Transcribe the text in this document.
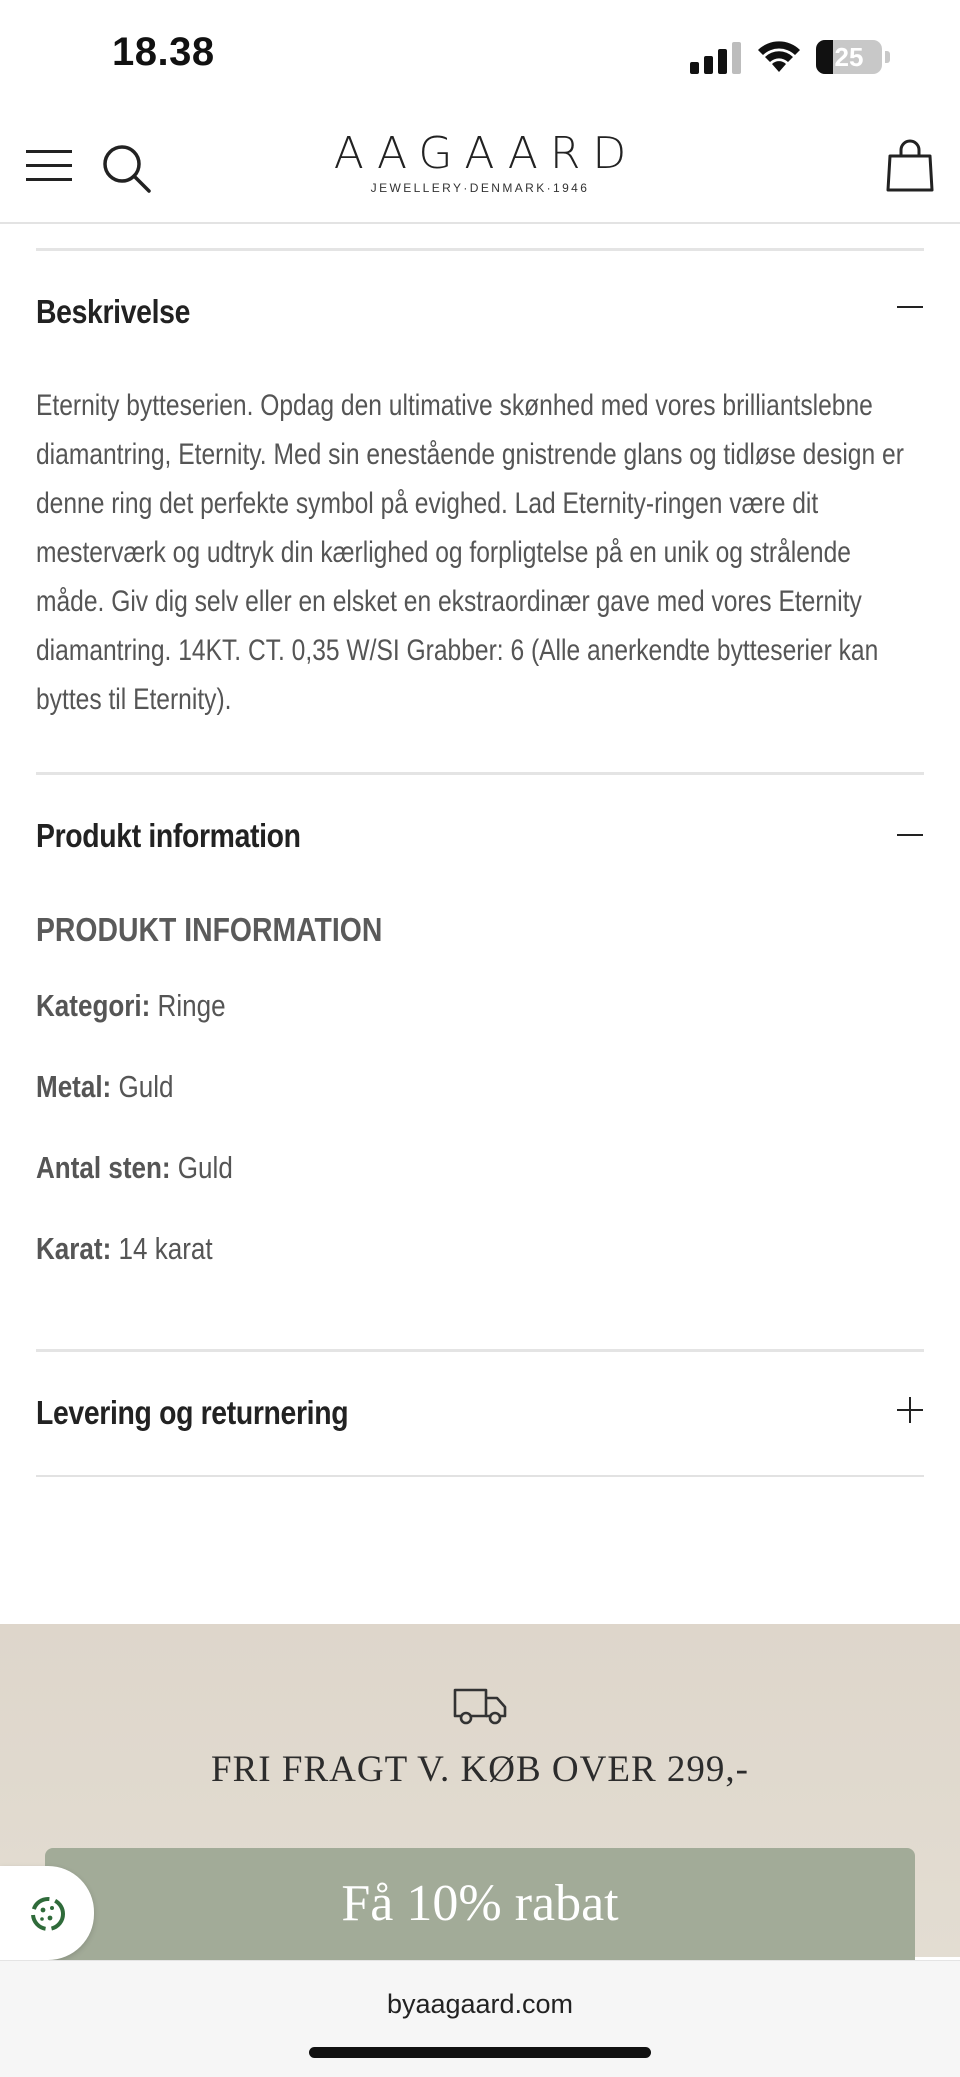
18.38	25
AAGAARD
JEWELLERY·DENMARK·1946
Beskrivelse
Eternity bytteserien. Opdag den ultimative skønhed med vores brilliantslebne diamantring, Eternity. Med sin enestående gnistrende glans og tidløse design er denne ring det perfekte symbol på evighed. Lad Eternity-ringen være dit mesterværk og udtryk din kærlighed og forpligtelse på en unik og strålende måde. Giv dig selv eller en elsket en ekstraordinær gave med vores Eternity diamantring. 14KT. CT. 0,35 W/SI Grabber: 6 (Alle anerkendte bytteserier kan byttes til Eternity).
Produkt information
PRODUKT INFORMATION
Kategori: Ringe
Metal: Guld
Antal sten: Guld
Karat: 14 karat
Levering og returnering
FRI FRAGT V. KØB OVER 299,-
Få 10% rabat
byaagaard.com
